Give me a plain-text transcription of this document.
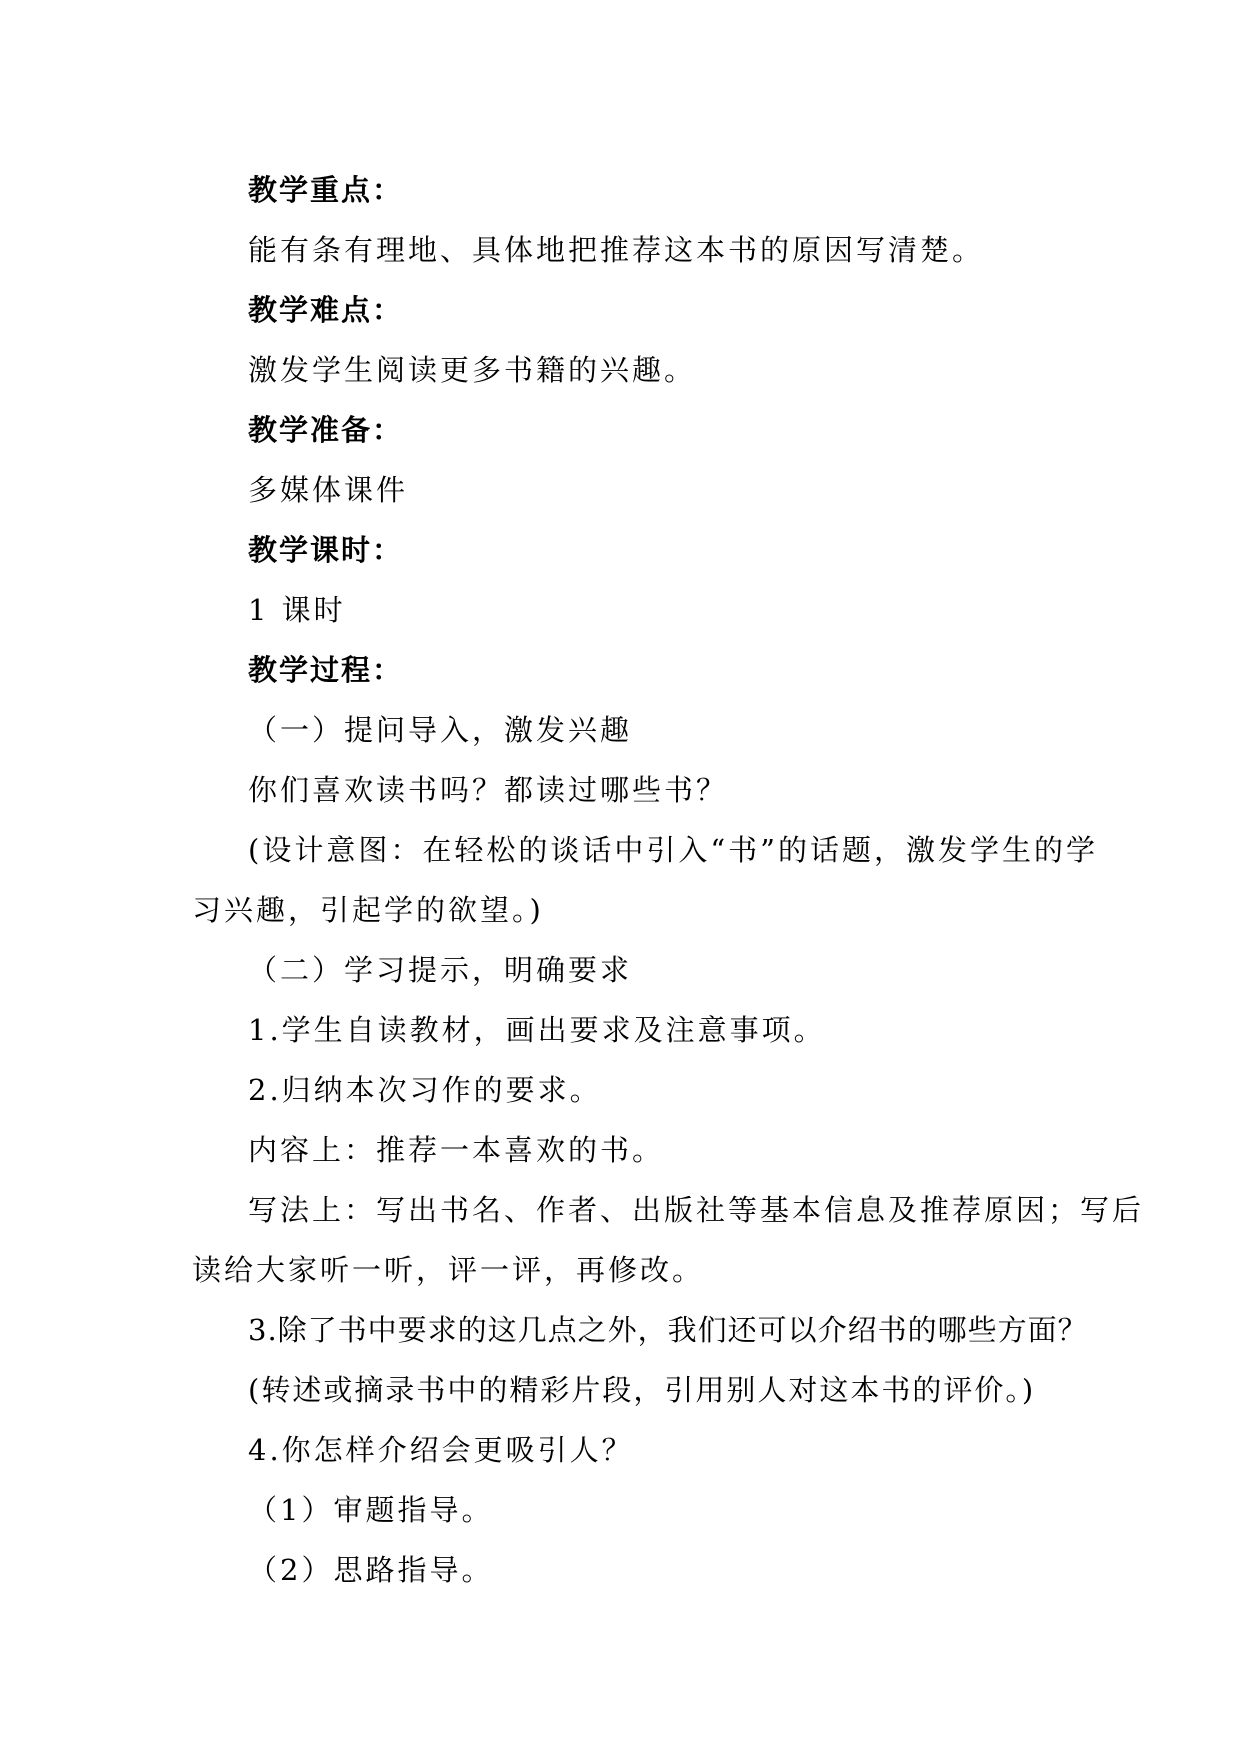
教学重点：
能有条有理地、具体地把推荐这本书的原因写清楚。
教学难点：
激发学生阅读更多书籍的兴趣。
教学准备：
多媒体课件
教学课时：
1 课时
教学过程：
（一）提问导入，激发兴趣
你们喜欢读书吗？都读过哪些书？
(设计意图：在轻松的谈话中引入“书”的话题，激发学生的学
习兴趣，引起学的欲望。)
（二）学习提示，明确要求
1.学生自读教材，画出要求及注意事项。
2.归纳本次习作的要求。
内容上：推荐一本喜欢的书。
写法上：写出书名、作者、出版社等基本信息及推荐原因；写后
读给大家听一听，评一评，再修改。
3.除了书中要求的这几点之外，我们还可以介绍书的哪些方面？
(转述或摘录书中的精彩片段，引用别人对这本书的评价。)
4.你怎样介绍会更吸引人？
（1）审题指导。
（2）思路指导。
